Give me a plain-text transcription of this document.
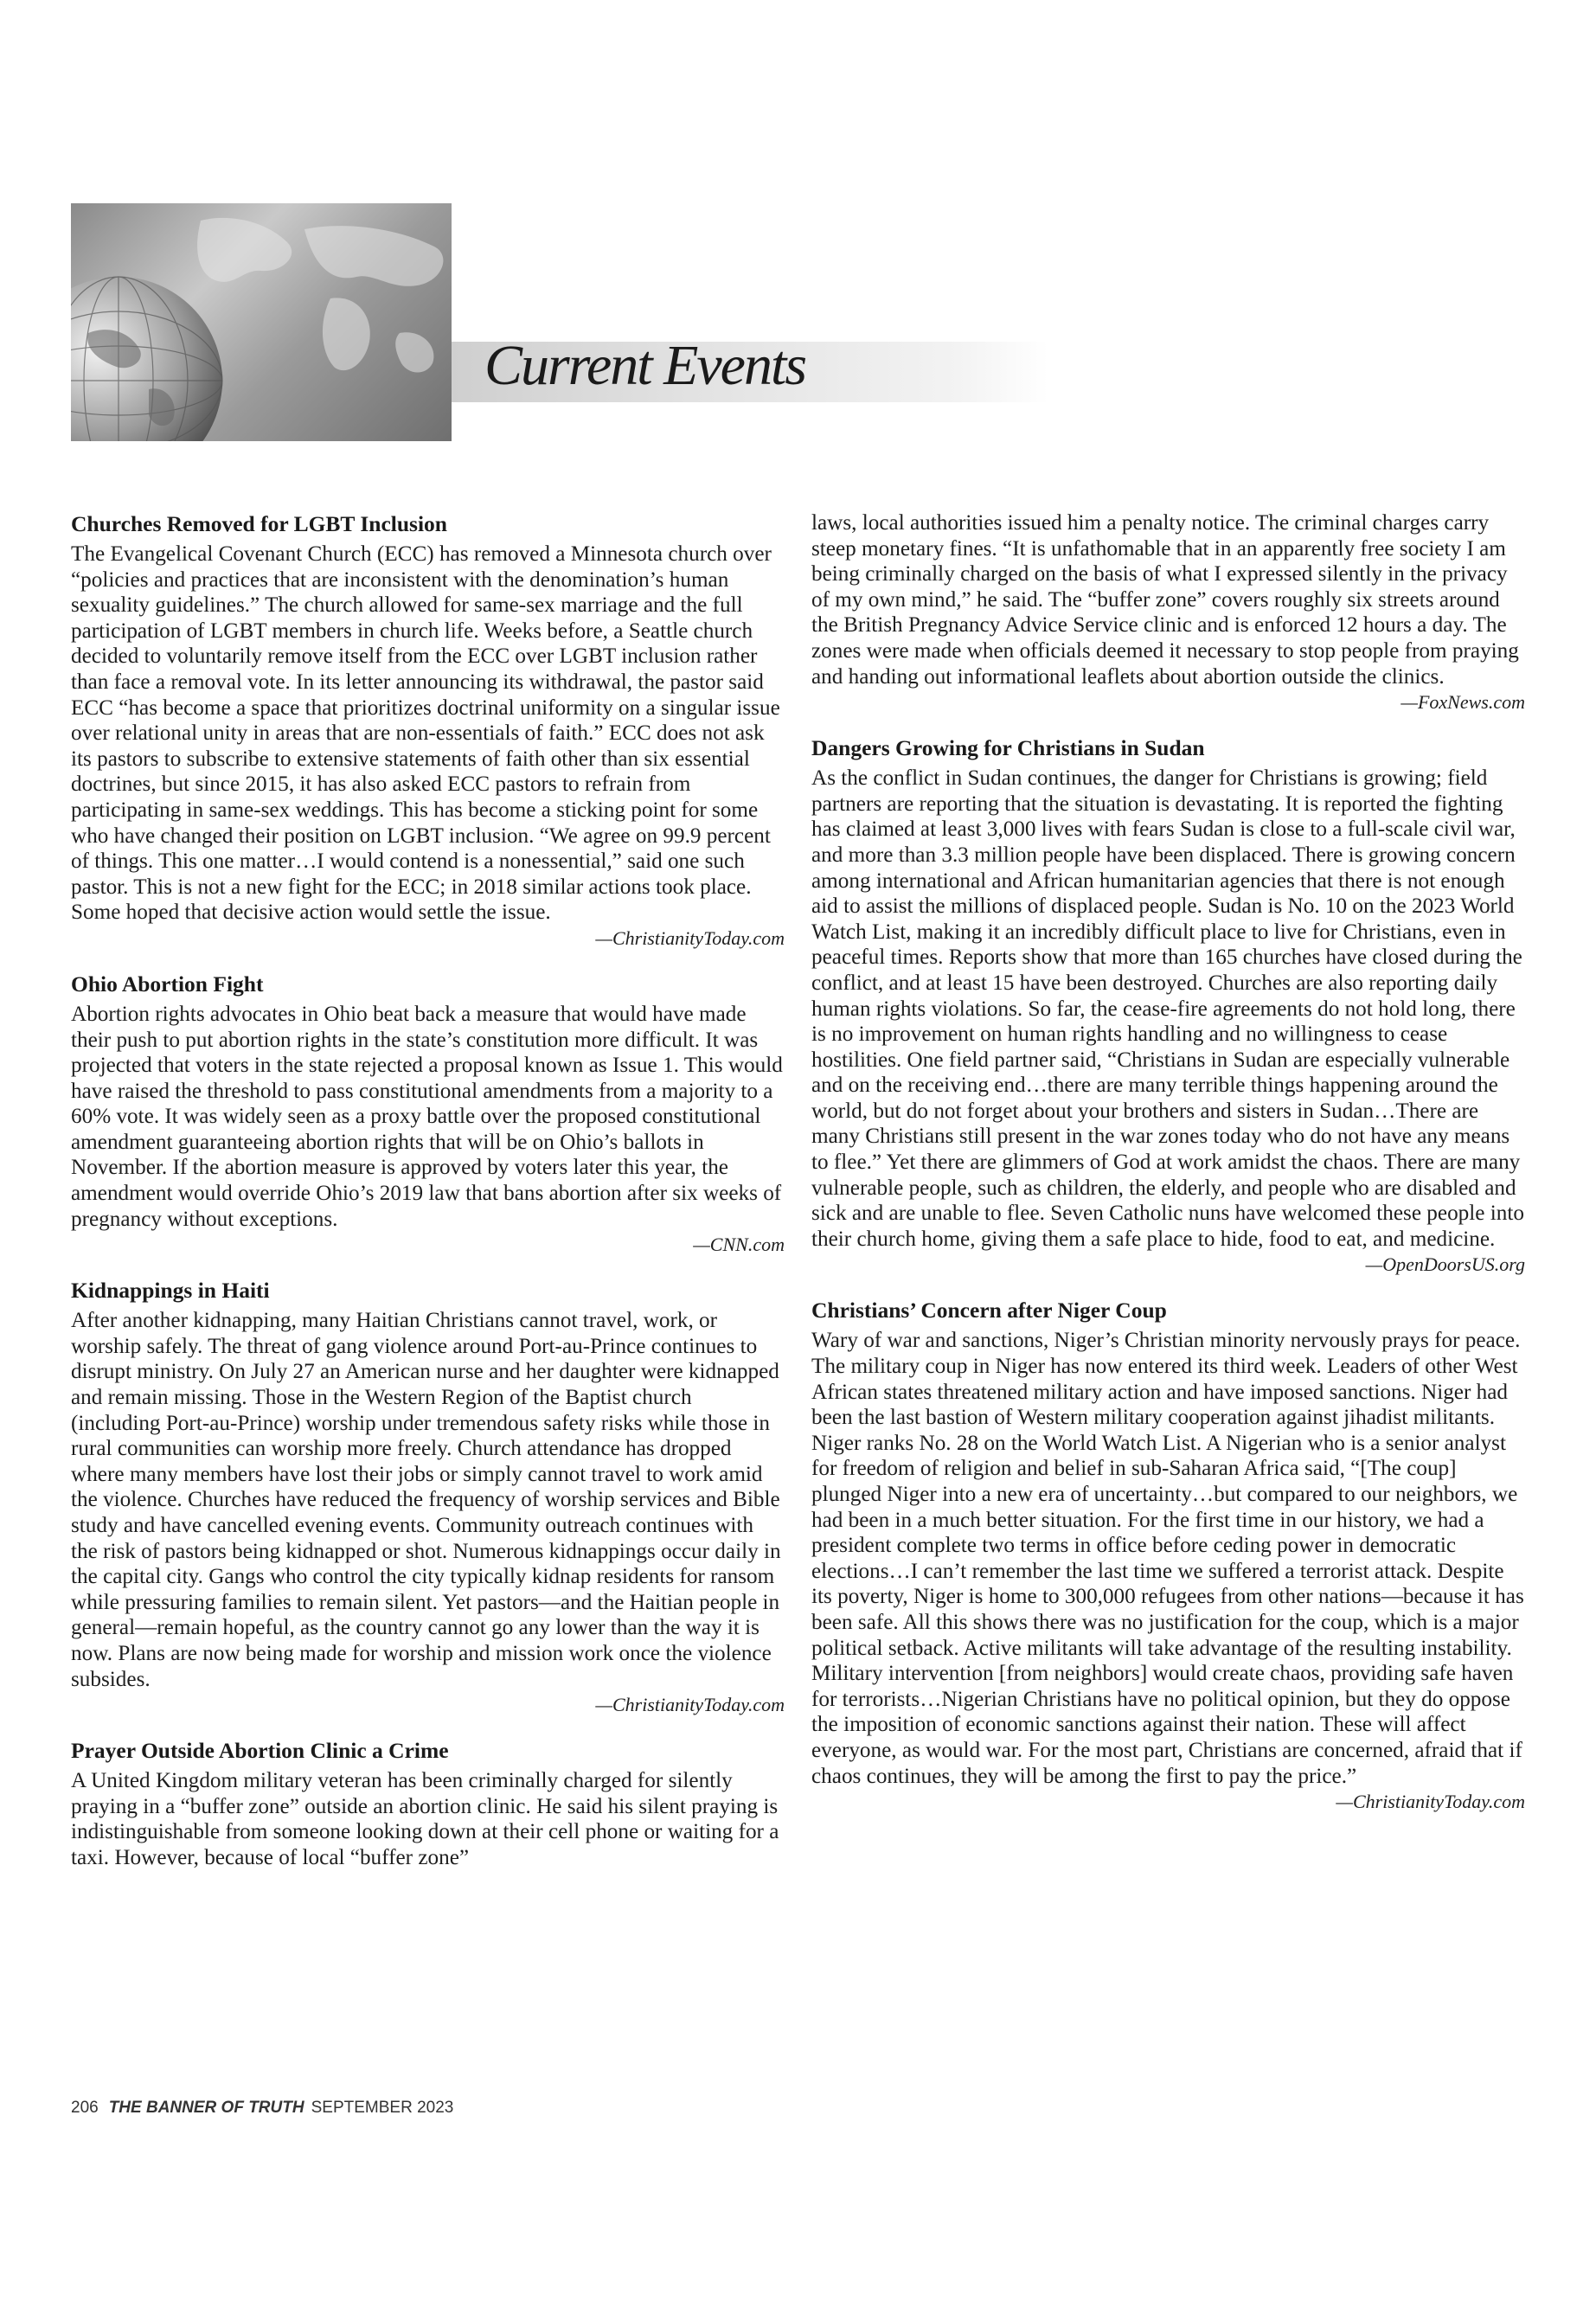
Current Events
Churches Removed for LGBT Inclusion

The Evangelical Covenant Church (ECC) has removed a Minnesota church over “policies and practices that are inconsistent with the denomination’s human sexuality guidelines.” The church allowed for same-sex marriage and the full participation of LGBT members in church life. Weeks before, a Seattle church decided to voluntarily remove itself from the ECC over LGBT inclusion rather than face a removal vote. In its letter announcing its withdrawal, the pastor said ECC “has become a space that prioritizes doctrinal uniformity on a singular issue over relational unity in areas that are non-essentials of faith.” ECC does not ask its pastors to subscribe to extensive statements of faith other than six essential doctrines, but since 2015, it has also asked ECC pastors to refrain from participating in same-sex weddings. This has become a sticking point for some who have changed their position on LGBT inclusion. “We agree on 99.9 percent of things. This one matter…I would contend is a nonessential,” said one such pastor. This is not a new fight for the ECC; in 2018 similar actions took place. Some hoped that decisive action would settle the issue.

—ChristianityToday.com
Ohio Abortion Fight

Abortion rights advocates in Ohio beat back a measure that would have made their push to put abortion rights in the state’s constitution more difficult. It was projected that voters in the state rejected a proposal known as Issue 1. This would have raised the threshold to pass constitutional amendments from a majority to a 60% vote. It was widely seen as a proxy battle over the proposed constitutional amendment guaranteeing abortion rights that will be on Ohio’s ballots in November. If the abortion measure is approved by voters later this year, the amendment would override Ohio’s 2019 law that bans abortion after six weeks of pregnancy without exceptions.

—CNN.com
Kidnappings in Haiti

After another kidnapping, many Haitian Christians cannot travel, work, or worship safely. The threat of gang violence around Port-au-Prince continues to disrupt ministry. On July 27 an American nurse and her daughter were kidnapped and remain missing. Those in the Western Region of the Baptist church (including Port-au-Prince) worship under tremendous safety risks while those in rural communities can worship more freely. Church attendance has dropped where many members have lost their jobs or simply cannot travel to work amid the violence. Churches have reduced the frequency of worship services and Bible study and have cancelled evening events. Community outreach continues with the risk of pastors being kidnapped or shot. Numerous kidnappings occur daily in the capital city. Gangs who control the city typically kidnap residents for ransom while pressuring families to remain silent. Yet pastors—and the Haitian people in general—remain hopeful, as the country cannot go any lower than the way it is now. Plans are now being made for worship and mission work once the violence subsides.

—ChristianityToday.com
Prayer Outside Abortion Clinic a Crime

A United Kingdom military veteran has been criminally charged for silently praying in a “buffer zone” outside an abortion clinic. He said his silent praying is indistinguishable from someone looking down at their cell phone or waiting for a taxi. However, because of local “buffer zone”

laws, local authorities issued him a penalty notice. The criminal charges carry steep monetary fines. “It is unfathomable that in an apparently free society I am being criminally charged on the basis of what I expressed silently in the privacy of my own mind,” he said. The “buffer zone” covers roughly six streets around the British Pregnancy Advice Service clinic and is enforced 12 hours a day. The zones were made when officials deemed it necessary to stop people from praying and handing out informational leaflets about abortion outside the clinics.

—FoxNews.com
Dangers Growing for Christians in Sudan

As the conflict in Sudan continues, the danger for Christians is growing; field partners are reporting that the situation is devastating. It is reported the fighting has claimed at least 3,000 lives with fears Sudan is close to a full-scale civil war, and more than 3.3 million people have been displaced. There is growing concern among international and African humanitarian agencies that there is not enough aid to assist the millions of displaced people. Sudan is No. 10 on the 2023 World Watch List, making it an incredibly difficult place to live for Christians, even in peaceful times. Reports show that more than 165 churches have closed during the conflict, and at least 15 have been destroyed. Churches are also reporting daily human rights violations. So far, the cease-fire agreements do not hold long, there is no improvement on human rights handling and no willingness to cease hostilities. One field partner said, “Christians in Sudan are especially vulnerable and on the receiving end…there are many terrible things happening around the world, but do not forget about your brothers and sisters in Sudan…There are many Christians still present in the war zones today who do not have any means to flee.” Yet there are glimmers of God at work amidst the chaos. There are many vulnerable people, such as children, the elderly, and people who are disabled and sick and are unable to flee. Seven Catholic nuns have welcomed these people into their church home, giving them a safe place to hide, food to eat, and medicine.

—OpenDoorsUS.org
Christians’ Concern after Niger Coup

Wary of war and sanctions, Niger’s Christian minority nervously prays for peace. The military coup in Niger has now entered its third week. Leaders of other West African states threatened military action and have imposed sanctions. Niger had been the last bastion of Western military cooperation against jihadist militants. Niger ranks No. 28 on the World Watch List. A Nigerian who is a senior analyst for freedom of religion and belief in sub-Saharan Africa said, “[The coup] plunged Niger into a new era of uncertainty…but compared to our neighbors, we had been in a much better situation. For the first time in our history, we had a president complete two terms in office before ceding power in democratic elections…I can’t remember the last time we suffered a terrorist attack. Despite its poverty, Niger is home to 300,000 refugees from other nations—because it has been safe. All this shows there was no justification for the coup, which is a major political setback. Active militants will take advantage of the resulting instability. Military intervention [from neighbors] would create chaos, providing safe haven for terrorists…Nigerian Christians have no political opinion, but they do oppose the imposition of economic sanctions against their nation. These will affect everyone, as would war. For the most part, Christians are concerned, afraid that if chaos continues, they will be among the first to pay the price.”

—ChristianityToday.com
206 THE BANNER OF TRUTH SEPTEMBER 2023
